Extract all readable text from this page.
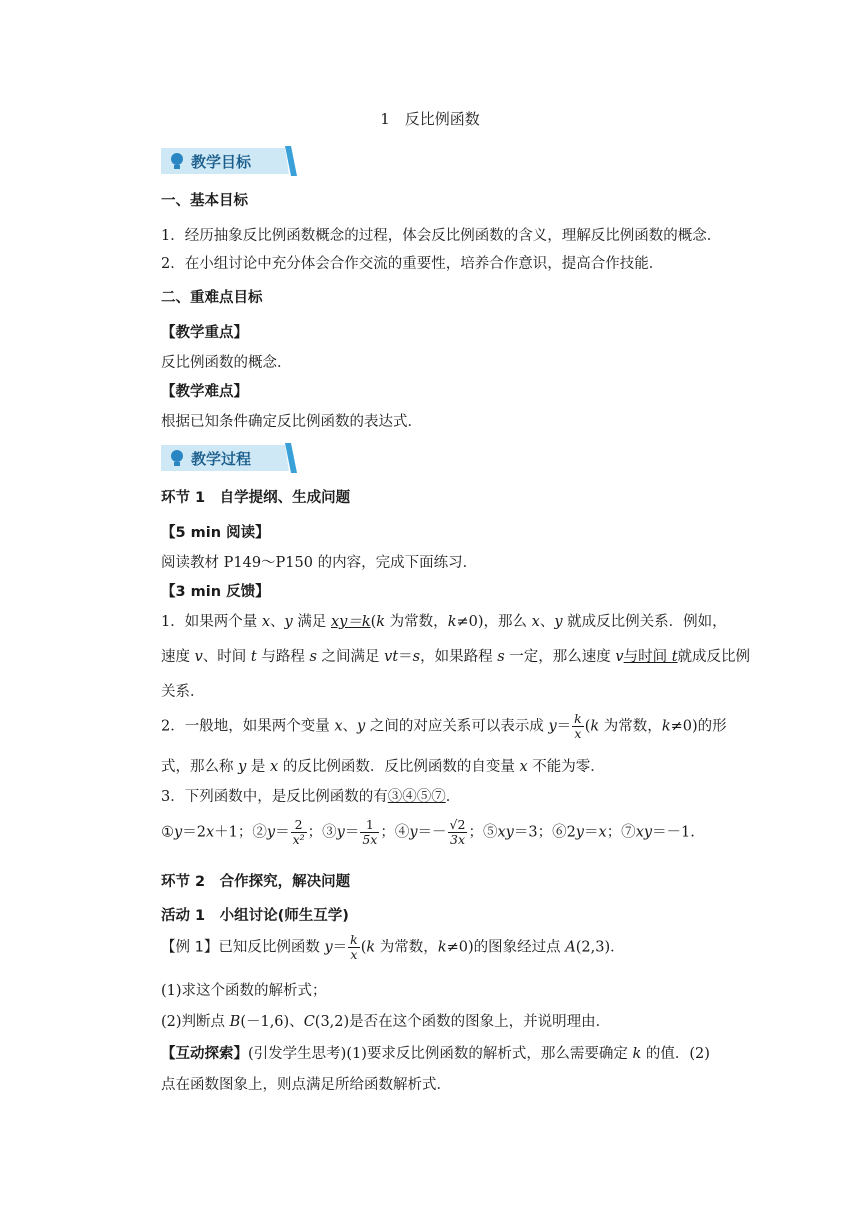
1　反比例函数
教学目标
一、基本目标
1．经历抽象反比例函数概念的过程，体会反比例函数的含义，理解反比例函数的概念．
2．在小组讨论中充分体会合作交流的重要性，培养合作意识，提高合作技能．
二、重难点目标
【教学重点】
反比例函数的概念．
【教学难点】
根据已知条件确定反比例函数的表达式．
教学过程
环节 1　自学提纲、生成问题
【5 min 阅读】
阅读教材 P149～P150 的内容，完成下面练习．
【3 min 反馈】
1．如果两个量 x、y 满足 xy＝k(k 为常数，k≠0)，那么 x、y 就成反比例关系．例如，
速度 v、时间 t 与路程 s 之间满足 vt＝s，如果路程 s 一定，那么速度 v与时间 t就成反比例
关系．
2．一般地，如果两个变量 x、y 之间的对应关系可以表示成 $y= \frac{k}{x} (k$ 为常数，k≠0)的形
式，那么称 y 是 x 的反比例函数．反比例函数的自变量 x 不能为零．
3．下列函数中，是反比例函数的有③④⑤⑦．
①y＝2x＋1；②y＝ $\frac{2}{\text{x²}}$ ；③y＝ $\frac{1}{5x}$ ；④y＝－ $\frac{√2}{3x}$ ；⑤xy＝3；⑥2y＝x；⑦xy＝－1.
环节 2　合作探究，解决问题
活动 1　小组讨论(师生互学)
【例 1】已知反比例函数 $y= \frac{k}{x} (k$ 为常数，k≠0)的图象经过点 A(2,3)．
(1)求这个函数的解析式；
(2)判断点 B(－1,6)、C(3,2)是否在这个函数的图象上，并说明理由．
【互动探索】(引发学生思考)(1)要求反比例函数的解析式，那么需要确定 k 的值．(2)
点在函数图象上，则点满足所给函数解析式．
